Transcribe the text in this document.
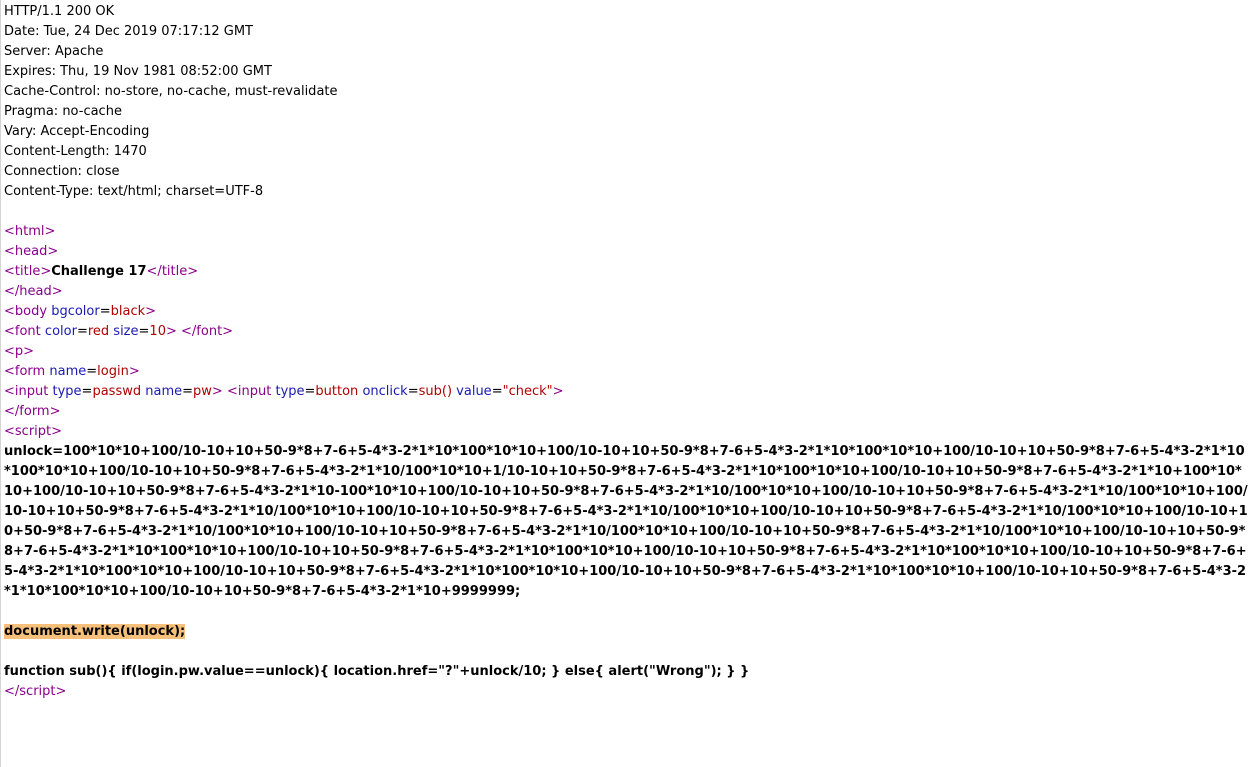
HTTP/1.1 200 OK
Date: Tue, 24 Dec 2019 07:17:12 GMT
Server: Apache
Expires: Thu, 19 Nov 1981 08:52:00 GMT
Cache-Control: no-store, no-cache, must-revalidate
Pragma: no-cache
Vary: Accept-Encoding
Content-Length: 1470
Connection: close
Content-Type: text/html; charset=UTF-8
<html>
<head>
<title>Challenge 17</title>
</head>
<body bgcolor=black>
<font color=red size=10> </font>
<p>
<form name=login>
<input type=passwd name=pw> <input type=button onclick=sub() value="check">
</form>
<script>
unlock=100*10*10+100/10-10+10+50-9*8+7-6+5-4*3-2*1*10*100*10*10+100/10-10+10+50-9*8+7-6+5-4*3-2*1*10*100*10*10+100/10-10+10+50-9*8+7-6+5-4*3-2*1*10*100*10*10+100/10-10+10+50-9*8+7-6+5-4*3-2*1*10/100*10*10+1/10-10+10+50-9*8+7-6+5-4*3-2*1*10*100*10*10+100/10-10+10+50-9*8+7-6+5-4*3-2*1*10+100*10*10+100/10-10+10+50-9*8+7-6+5-4*3-2*1*10-100*10*10+100/10-10+10+50-9*8+7-6+5-4*3-2*1*10/100*10*10+100/10-10+10+50-9*8+7-6+5-4*3-2*1*10/100*10*10+100/10-10+10+50-9*8+7-6+5-4*3-2*1*10/100*10*10+100/10-10+10+50-9*8+7-6+5-4*3-2*1*10/100*10*10+100/10-10+10+50-9*8+7-6+5-4*3-2*1*10/100*10*10+100/10-10+10+50-9*8+7-6+5-4*3-2*1*10/100*10*10+100/10-10+10+50-9*8+7-6+5-4*3-2*1*10/100*10*10+100/10-10+10+50-9*8+7-6+5-4*3-2*1*10/100*10*10+100/10-10+10+50-9*8+7-6+5-4*3-2*1*10*100*10*10+100/10-10+10+50-9*8+7-6+5-4*3-2*1*10*100*10*10+100/10-10+10+50-9*8+7-6+5-4*3-2*1*10*100*10*10+100/10-10+10+50-9*8+7-6+5-4*3-2*1*10*100*10*10+100/10-10+10+50-9*8+7-6+5-4*3-2*1*10*100*10*10+100/10-10+10+50-9*8+7-6+5-4*3-2*1*10*100*10*10+100/10-10+10+50-9*8+7-6+5-4*3-2*1*10*100*10*10+100/10-10+10+50-9*8+7-6+5-4*3-2*1*10+9999999;
document.write(unlock);
function sub(){ if(login.pw.value==unlock){ location.href="?"+unlock/10; } else{ alert("Wrong"); } }
</script>
